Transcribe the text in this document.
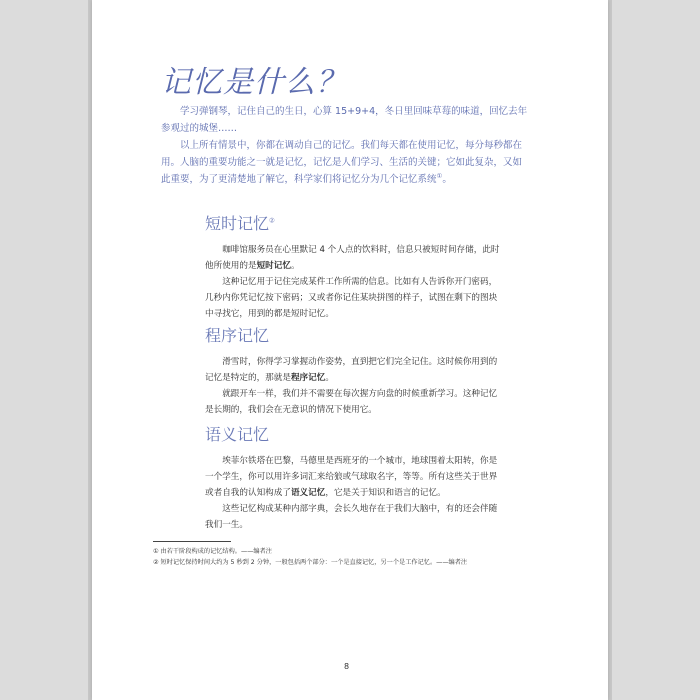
记忆是什么？

学习弹钢琴，记住自己的生日，心算 15+9+4，冬日里回味草莓的味道，回忆去年参观过的城堡……

以上所有情景中，你都在调动自己的记忆。我们每天都在使用记忆，每分每秒都在用。人脑的重要功能之一就是记忆，记忆是人们学习、生活的关键；它如此复杂，又如此重要，为了更清楚地了解它，科学家们将记忆分为几个记忆系统①。

短时记忆②

咖啡馆服务员在心里默记 4 个人点的饮料时，信息只被短时间存储，此时他所使用的是短时记忆。

这种记忆用于记住完成某件工作所需的信息。比如有人告诉你开门密码，几秒内你凭记忆按下密码；又或者你记住某块拼图的样子，试图在剩下的图块中寻找它，用到的都是短时记忆。

程序记忆

滑雪时，你得学习掌握动作姿势，直到把它们完全记住。这时候你用到的记忆是特定的，那就是程序记忆。

就跟开车一样，我们并不需要在每次握方向盘的时候重新学习。这种记忆是长期的，我们会在无意识的情况下使用它。

语义记忆

埃菲尔铁塔在巴黎，马德里是西班牙的一个城市，地球围着太阳转，你是一个学生，你可以用许多词汇来给狼或气球取名字，等等。所有这些关于世界或者自我的认知构成了语义记忆，它是关于知识和语言的记忆。

这些记忆构成某种内部字典，会长久地存在于我们大脑中，有的还会伴随我们一生。

① 由若干阶段构成的记忆结构。——编者注

② 短时记忆保持时间大约为 5 秒到 2 分钟，一般包括两个部分：一个是直接记忆，另一个是工作记忆。——编者注

8
